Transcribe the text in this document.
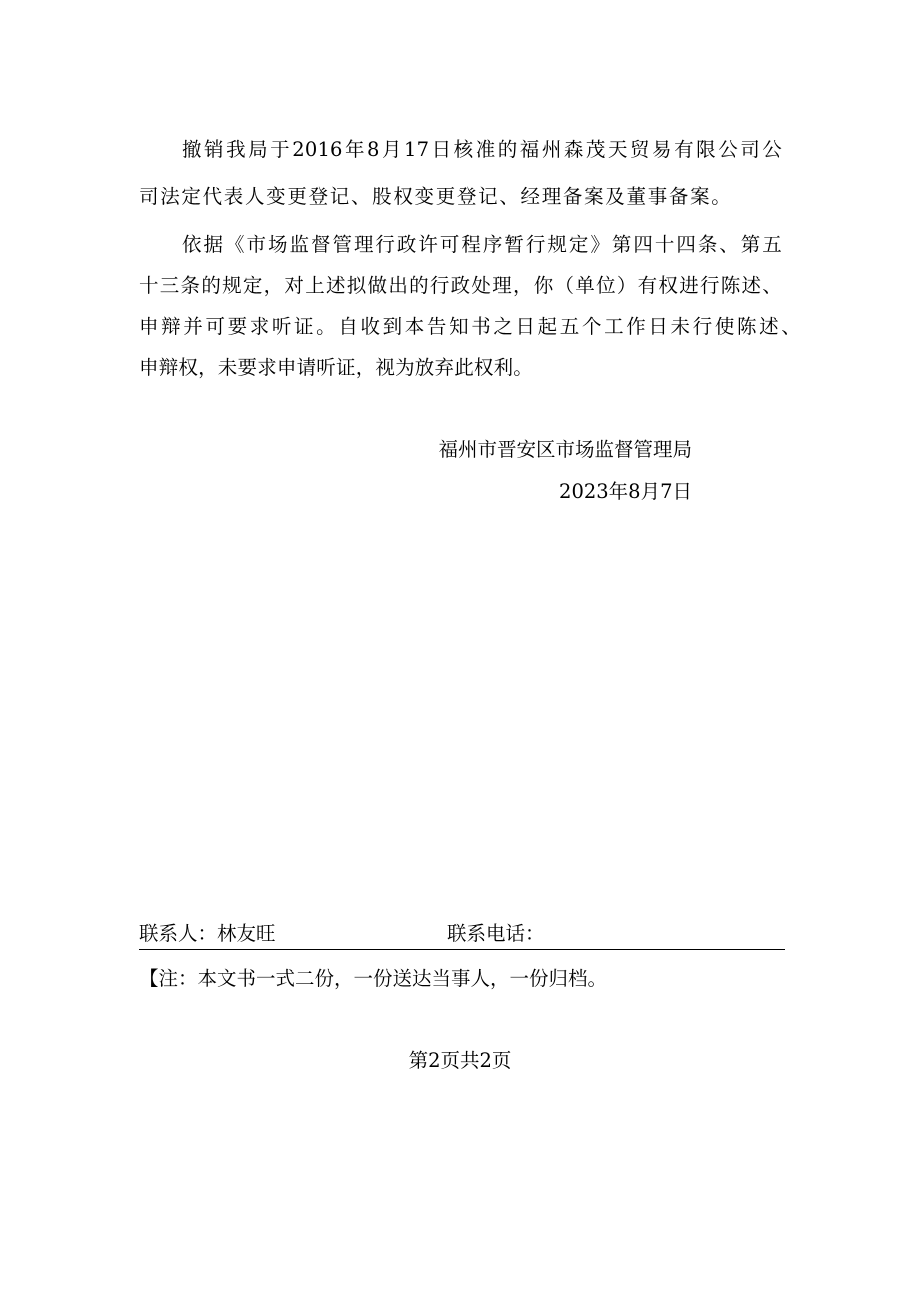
撤销我局于2016年8月17日核准的福州森茂天贸易有限公司公
司法定代表人变更登记、股权变更登记、经理备案及董事备案。
依据《市场监督管理行政许可程序暂行规定》第四十四条、第五
十三条的规定，对上述拟做出的行政处理，你（单位）有权进行陈述、
申辩并可要求听证。自收到本告知书之日起五个工作日未行使陈述、
申辩权，未要求申请听证，视为放弃此权利。
福州市晋安区市场监督管理局
2023年8月7日
联系人：林友旺	联系电话：
【注：本文书一式二份，一份送达当事人，一份归档。
第2页共2页
